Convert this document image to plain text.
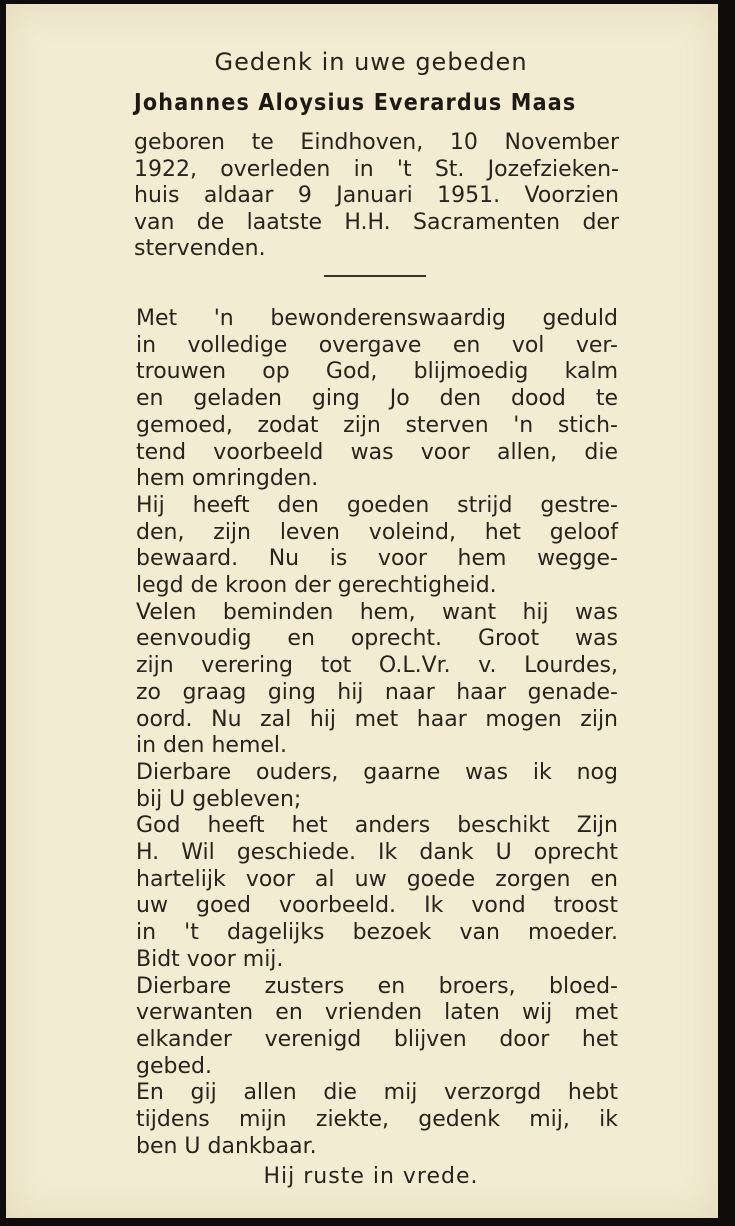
Gedenk in uwe gebeden
Johannes Aloysius Everardus Maas
geboren te Eindhoven, 10 November
1922, overleden in 't St. Jozefzieken-
huis aldaar 9 Januari 1951. Voorzien
van de laatste H.H. Sacramenten der
stervenden.
Met 'n bewonderenswaardig geduld
in volledige overgave en vol ver-
trouwen op God, blijmoedig kalm
en geladen ging Jo den dood te
gemoed, zodat zijn sterven 'n stich-
tend voorbeeld was voor allen, die
hem omringden.
Hij heeft den goeden strijd gestre-
den, zijn leven voleind, het geloof
bewaard. Nu is voor hem wegge-
legd de kroon der gerechtigheid.
Velen beminden hem, want hij was
eenvoudig en oprecht. Groot was
zijn verering tot O.L.Vr. v. Lourdes,
zo graag ging hij naar haar genade-
oord. Nu zal hij met haar mogen zijn
in den hemel.
Dierbare ouders, gaarne was ik nog
bij U gebleven;
God heeft het anders beschikt Zijn
H. Wil geschiede. Ik dank U oprecht
hartelijk voor al uw goede zorgen en
uw goed voorbeeld. Ik vond troost
in 't dagelijks bezoek van moeder.
Bidt voor mij.
Dierbare zusters en broers, bloed-
verwanten en vrienden laten wij met
elkander verenigd blijven door het
gebed.
En gij allen die mij verzorgd hebt
tijdens mijn ziekte, gedenk mij, ik
ben U dankbaar.
Hij ruste in vrede.
